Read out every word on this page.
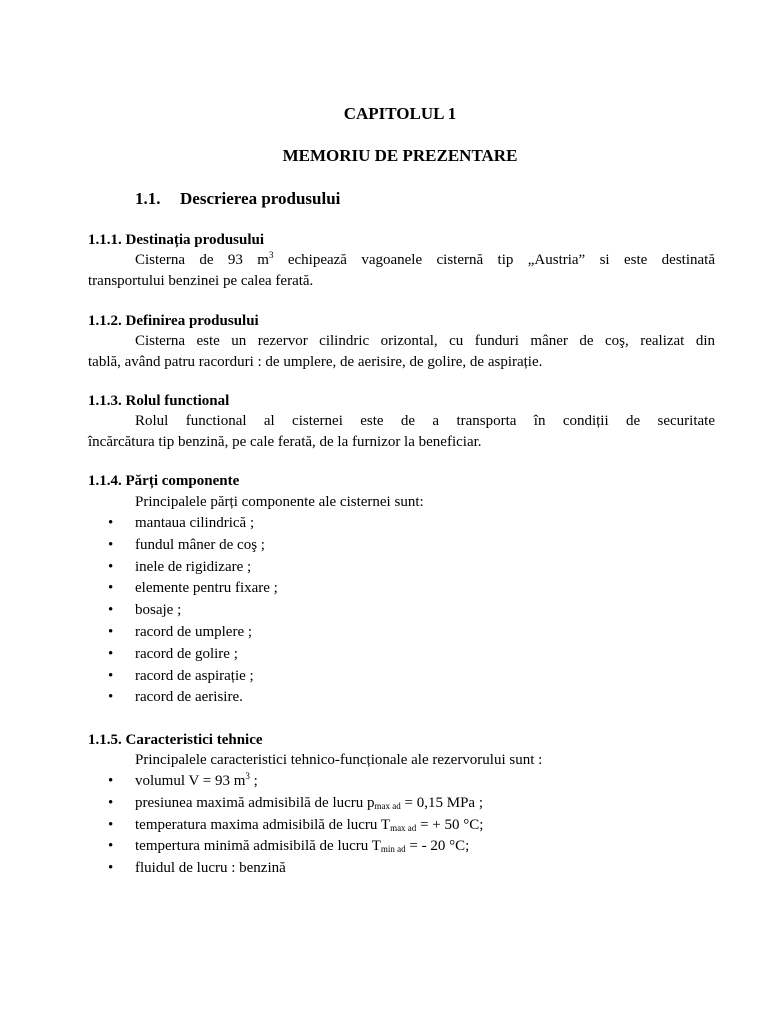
CAPITOLUL 1
MEMORIU DE PREZENTARE
1.1. Descrierea produsului
1.1.1. Destinația produsului
Cisterna de 93 $m^3$ echipează vagoanele cisternă tip „Austria” si este destinată
transportului benzinei pe calea ferată.
1.1.2. Definirea produsului
Cisterna este un rezervor cilindric orizontal, cu funduri mâner de coş, realizat din
tablă, având patru racorduri : de umplere, de aerisire, de golire, de aspirație.
1.1.3. Rolul functional
Rolul functional al cisternei este de a transporta în condiții de securitate
încărcătura tip benzină, pe cale ferată, de la furnizor la beneficiar.
1.1.4. Părți componente
Principalele părți componente ale cisternei sunt:
• mantaua cilindrică ;
• fundul mâner de coş ;
• inele de rigidizare ;
• elemente pentru fixare ;
• bosaje ;
• racord de umplere ;
• racord de golire ;
• racord de aspirație ;
• racord de aerisire.
1.1.5. Caracteristici tehnice
Principalele caracteristici tehnico-funcționale ale rezervorului sunt :
• volumul V = 93 $m^3$ ;
• presiunea maximă admisibilă de lucru $p_{max ad} = 0,15$ MPa ;
• temperatura maxima admisibilă de lucru $T_{max ad}$ = + 50 °C;
• tempertura minimă admisibilă de lucru $T_{min ad}$ = - 20 °C;
• fluidul de lucru : benzină
